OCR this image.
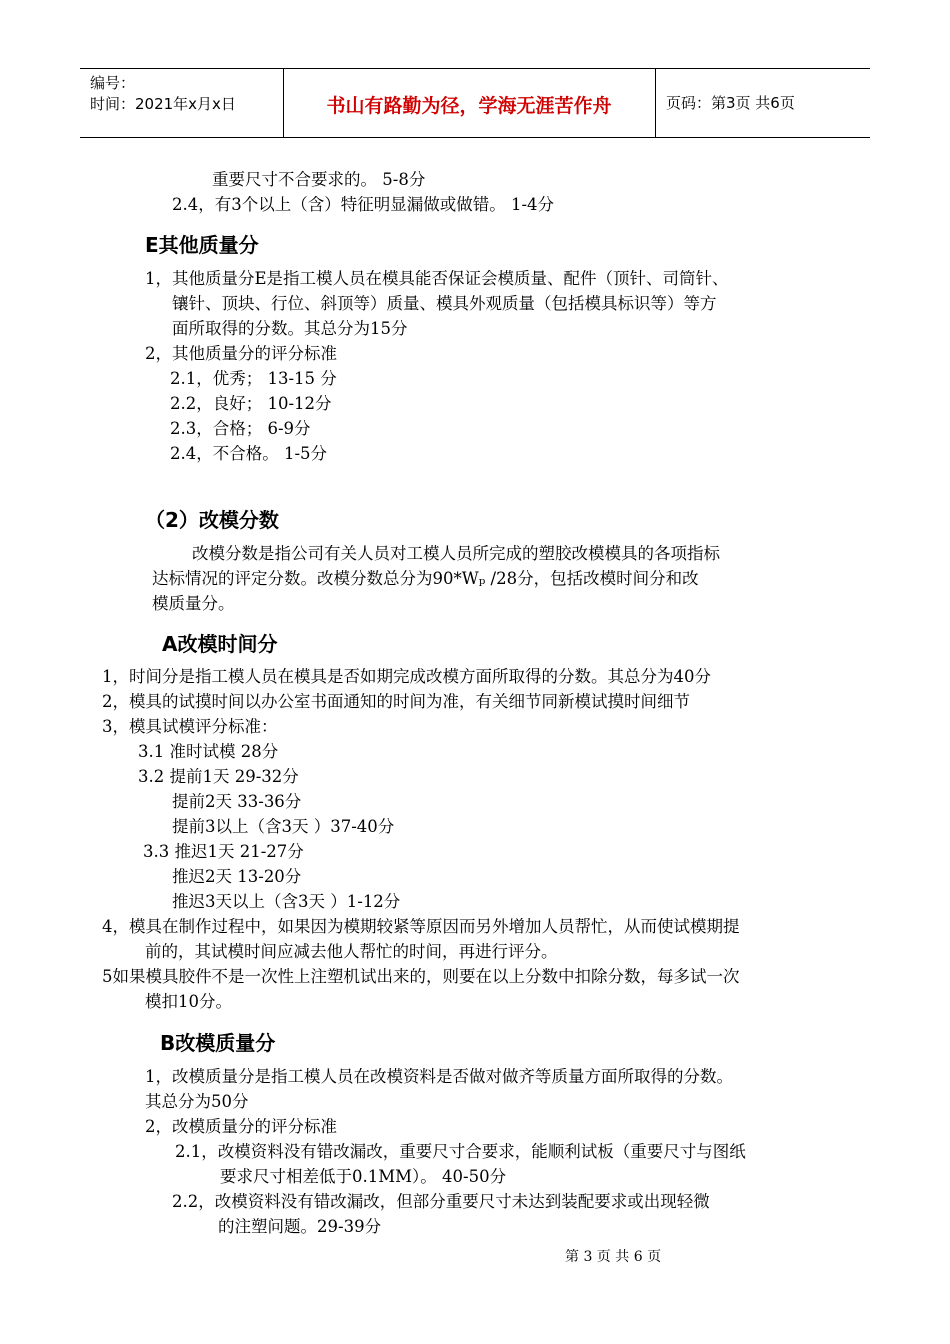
编号：
时间：2021年x月x日	书山有路勤为径，学海无涯苦作舟	页码：第3页 共6页
重要尺寸不合要求的。 5-8分
2.4，有3个以上（含）特征明显漏做或做错。 1-4分
E其他质量分
1，其他质量分E是指工模人员在模具能否保证会模质量、配件（顶针、司筒针、
镶针、顶块、行位、斜顶等）质量、模具外观质量（包括模具标识等）等方
面所取得的分数。其总分为15分
2，其他质量分的评分标准
2.1，优秀； 13-15 分
2.2，良好； 10-12分
2.3，合格； 6-9分
2.4，不合格。 1-5分
（2）改模分数
改模分数是指公司有关人员对工模人员所完成的塑胶改模模具的各项指标
达标情况的评定分数。改模分数总分为90*Wₚ /28分，包括改模时间分和改
模质量分。
A改模时间分
1，时间分是指工模人员在模具是否如期完成改模方面所取得的分数。其总分为40分
2，模具的试摸时间以办公室书面通知的时间为准，有关细节同新模试摸时间细节
3，模具试模评分标准：
3.1 准时试模 28分
3.2 提前1天 29-32分
提前2天 33-36分
提前3以上（含3天 ）37-40分
3.3 推迟1天 21-27分
推迟2天 13-20分
推迟3天以上（含3天 ）1-12分
4，模具在制作过程中，如果因为模期较紧等原因而另外增加人员帮忙，从而使试模期提
前的，其试模时间应减去他人帮忙的时间，再进行评分。
5如果模具胶件不是一次性上注塑机试出来的，则要在以上分数中扣除分数，每多试一次
模扣10分。
B改模质量分
1，改模质量分是指工模人员在改模资料是否做对做齐等质量方面所取得的分数。
其总分为50分
2，改模质量分的评分标准
2.1，改模资料没有错改漏改，重要尺寸合要求，能顺利试板（重要尺寸与图纸
要求尺寸相差低于0.1MM）。 40-50分
2.2，改模资料没有错改漏改，但部分重要尺寸未达到装配要求或出现轻微
的注塑问题。29-39分
第 3 页 共 6 页
